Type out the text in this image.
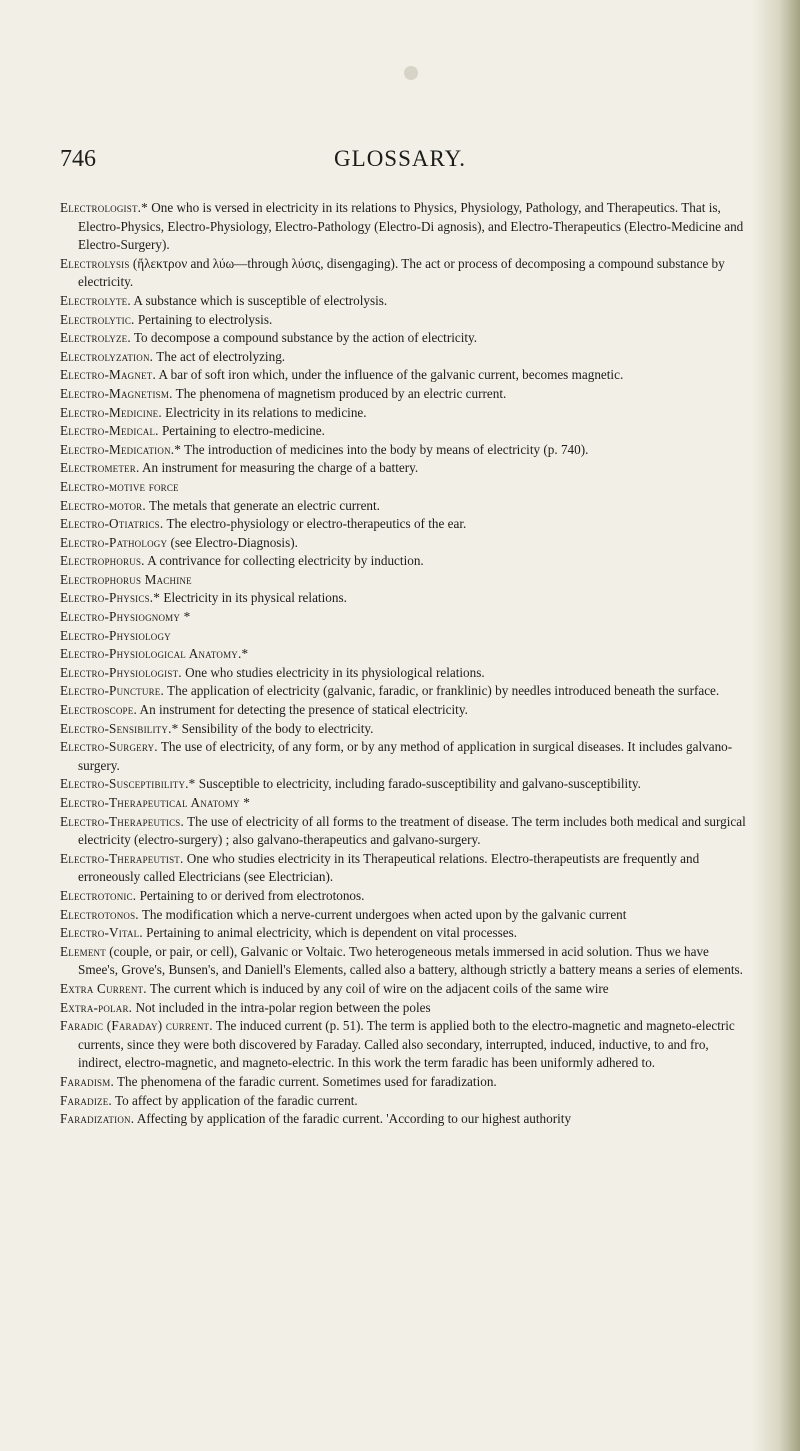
746	GLOSSARY.

Electrologist.* One who is versed in electricity in its relations to Physics, Physiology, Pathology, and Therapeutics. That is, Electro-Physics, Electro-Physiology, Electro-Pathology (Electro-Di agnosis), and Electro-Therapeutics (Electro-Medicine and Electro-Surgery).

Electrolysis (ἤλεκτρον and λύω—through λύσις, disengaging). The act or process of decomposing a compound substance by electricity.

Electrolyte. A substance which is susceptible of electrolysis.

Electrolytic. Pertaining to electrolysis.

Electrolyze. To decompose a compound substance by the action of electricity.

Electrolyzation. The act of electrolyzing.

Electro-Magnet. A bar of soft iron which, under the influence of the galvanic current, becomes magnetic.

Electro-Magnetism. The phenomena of magnetism produced by an electric current.

Electro-Medicine. Electricity in its relations to medicine.

Electro-Medical. Pertaining to electro-medicine.

Electro-Medication.* The introduction of medicines into the body by means of electricity (p. 740).

Electrometer. An instrument for measuring the charge of a battery.

Electro-motive force

Electro-motor. The metals that generate an electric current.

Electro-Otiatrics. The electro-physiology or electro-therapeutics of the ear.

Electro-Pathology (see Electro-Diagnosis).

Electrophorus. A contrivance for collecting electricity by induction.

Electrophorus Machine

Electro-Physics.* Electricity in its physical relations.

Electro-Physiognomy *

Electro-Physiology

Electro-Physiological Anatomy.*

Electro-Physiologist. One who studies electricity in its physiological relations.

Electro-Puncture. The application of electricity (galvanic, faradic, or franklinic) by needles introduced beneath the surface.

Electroscope. An instrument for detecting the presence of statical electricity.

Electro-Sensibility.* Sensibility of the body to electricity.

Electro-Surgery. The use of electricity, of any form, or by any method of application in surgical diseases. It includes galvano-surgery.

Electro-Susceptibility.* Susceptible to electricity, including farado-susceptibility and galvano-susceptibility.

Electro-Therapeutical Anatomy *

Electro-Therapeutics. The use of electricity of all forms to the treatment of disease. The term includes both medical and surgical electricity (electro-surgery) ; also galvano-therapeutics and galvano-surgery.

Electro-Therapeutist. One who studies electricity in its Therapeutical relations. Electro-therapeutists are frequently and erroneously called Electricians (see Electrician).

Electrotonic. Pertaining to or derived from electrotonos.

Electrotonos. The modification which a nerve-current undergoes when acted upon by the galvanic current

Electro-Vital. Pertaining to animal electricity, which is dependent on vital processes.

Element (couple, or pair, or cell), Galvanic or Voltaic. Two heterogeneous metals immersed in acid solution. Thus we have Smee's, Grove's, Bunsen's, and Daniell's Elements, called also a battery, although strictly a battery means a series of elements.

Extra Current. The current which is induced by any coil of wire on the adjacent coils of the same wire

Extra-polar. Not included in the intra-polar region between the poles

Faradic (Faraday) current. The induced current (p. 51). The term is applied both to the electro-magnetic and magneto-electric currents, since they were both discovered by Faraday. Called also secondary, interrupted, induced, inductive, to and fro, indirect, electro-magnetic, and magneto-electric. In this work the term faradic has been uniformly adhered to.

Faradism. The phenomena of the faradic current. Sometimes used for faradization.

Faradize. To affect by application of the faradic current.

Faradization. Affecting by application of the faradic current. 'According to our highest authority
